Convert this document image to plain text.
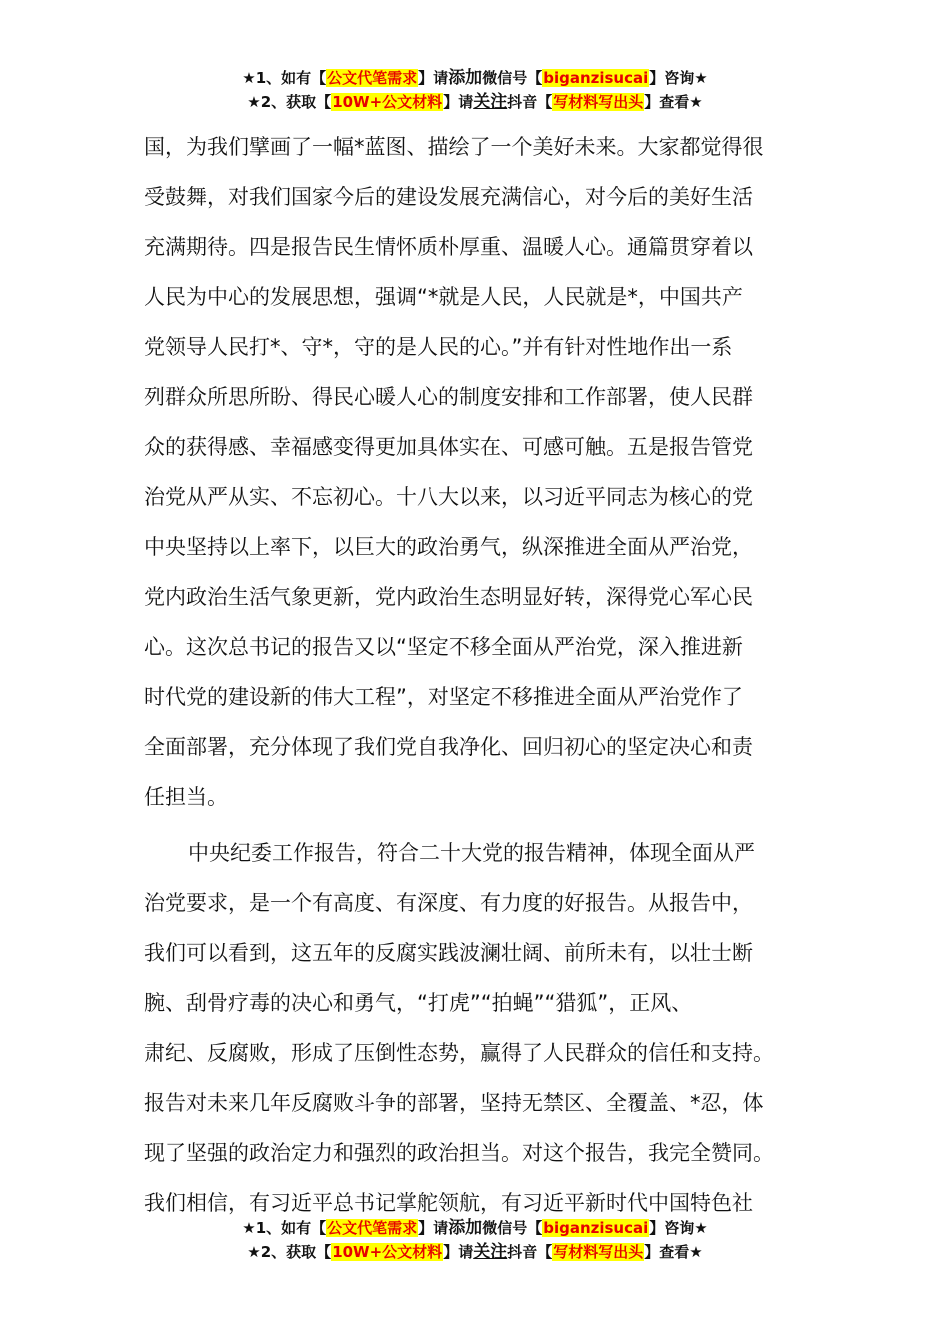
★1、如有【公文代笔需求】请添加微信号【biganzisucai】咨询★
★2、获取【10W+公文材料】请关注抖音【写材料写出头】查看★
国，为我们擘画了一幅*蓝图、描绘了一个美好未来。大家都觉得很
受鼓舞，对我们国家今后的建设发展充满信心，对今后的美好生活
充满期待。四是报告民生情怀质朴厚重、温暖人心。通篇贯穿着以
人民为中心的发展思想，强调“*就是人民，人民就是*，中国共产
党领导人民打*、守*，守的是人民的心。”并有针对性地作出一系
列群众所思所盼、得民心暖人心的制度安排和工作部署，使人民群
众的获得感、幸福感变得更加具体实在、可感可触。五是报告管党
治党从严从实、不忘初心。十八大以来，以习近平同志为核心的党
中央坚持以上率下，以巨大的政治勇气，纵深推进全面从严治党，
党内政治生活气象更新，党内政治生态明显好转，深得党心军心民
心。这次总书记的报告又以“坚定不移全面从严治党，深入推进新
时代党的建设新的伟大工程”，对坚定不移推进全面从严治党作了
全面部署，充分体现了我们党自我净化、回归初心的坚定决心和责
任担当。
中央纪委工作报告，符合二十大党的报告精神，体现全面从严
治党要求，是一个有高度、有深度、有力度的好报告。从报告中，
我们可以看到，这五年的反腐实践波澜壮阔、前所未有，以壮士断
腕、刮骨疗毒的决心和勇气，“打虎”“拍蝇”“猎狐”，正风、
肃纪、反腐败，形成了压倒性态势，赢得了人民群众的信任和支持。
报告对未来几年反腐败斗争的部署，坚持无禁区、全覆盖、*忍，体
现了坚强的政治定力和强烈的政治担当。对这个报告，我完全赞同。
我们相信，有习近平总书记掌舵领航，有习近平新时代中国特色社
★1、如有【公文代笔需求】请添加微信号【biganzisucai】咨询★
★2、获取【10W+公文材料】请关注抖音【写材料写出头】查看★
